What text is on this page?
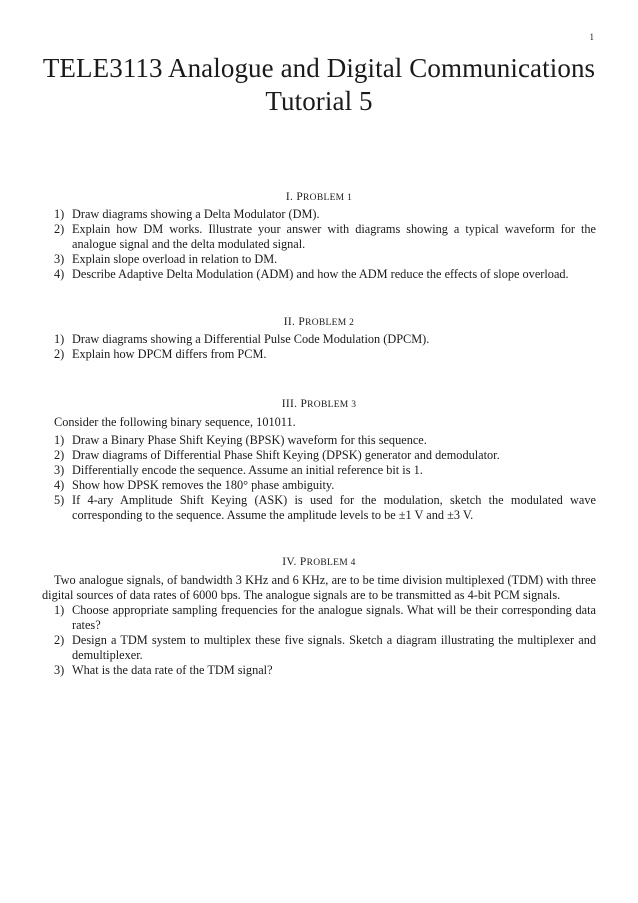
1
TELE3113 Analogue and Digital Communications
Tutorial 5
I. PROBLEM 1
1) Draw diagrams showing a Delta Modulator (DM).
2) Explain how DM works. Illustrate your answer with diagrams showing a typical waveform for the analogue signal and the delta modulated signal.
3) Explain slope overload in relation to DM.
4) Describe Adaptive Delta Modulation (ADM) and how the ADM reduce the effects of slope overload.
II. PROBLEM 2
1) Draw diagrams showing a Differential Pulse Code Modulation (DPCM).
2) Explain how DPCM differs from PCM.
III. PROBLEM 3
Consider the following binary sequence, 101011.
1) Draw a Binary Phase Shift Keying (BPSK) waveform for this sequence.
2) Draw diagrams of Differential Phase Shift Keying (DPSK) generator and demodulator.
3) Differentially encode the sequence. Assume an initial reference bit is 1.
4) Show how DPSK removes the 180° phase ambiguity.
5) If 4-ary Amplitude Shift Keying (ASK) is used for the modulation, sketch the modulated wave corresponding to the sequence. Assume the amplitude levels to be ±1 V and ±3 V.
IV. PROBLEM 4
Two analogue signals, of bandwidth 3 KHz and 6 KHz, are to be time division multiplexed (TDM) with three digital sources of data rates of 6000 bps. The analogue signals are to be transmitted as 4-bit PCM signals.
1) Choose appropriate sampling frequencies for the analogue signals. What will be their corresponding data rates?
2) Design a TDM system to multiplex these five signals. Sketch a diagram illustrating the multiplexer and demultiplexer.
3) What is the data rate of the TDM signal?
